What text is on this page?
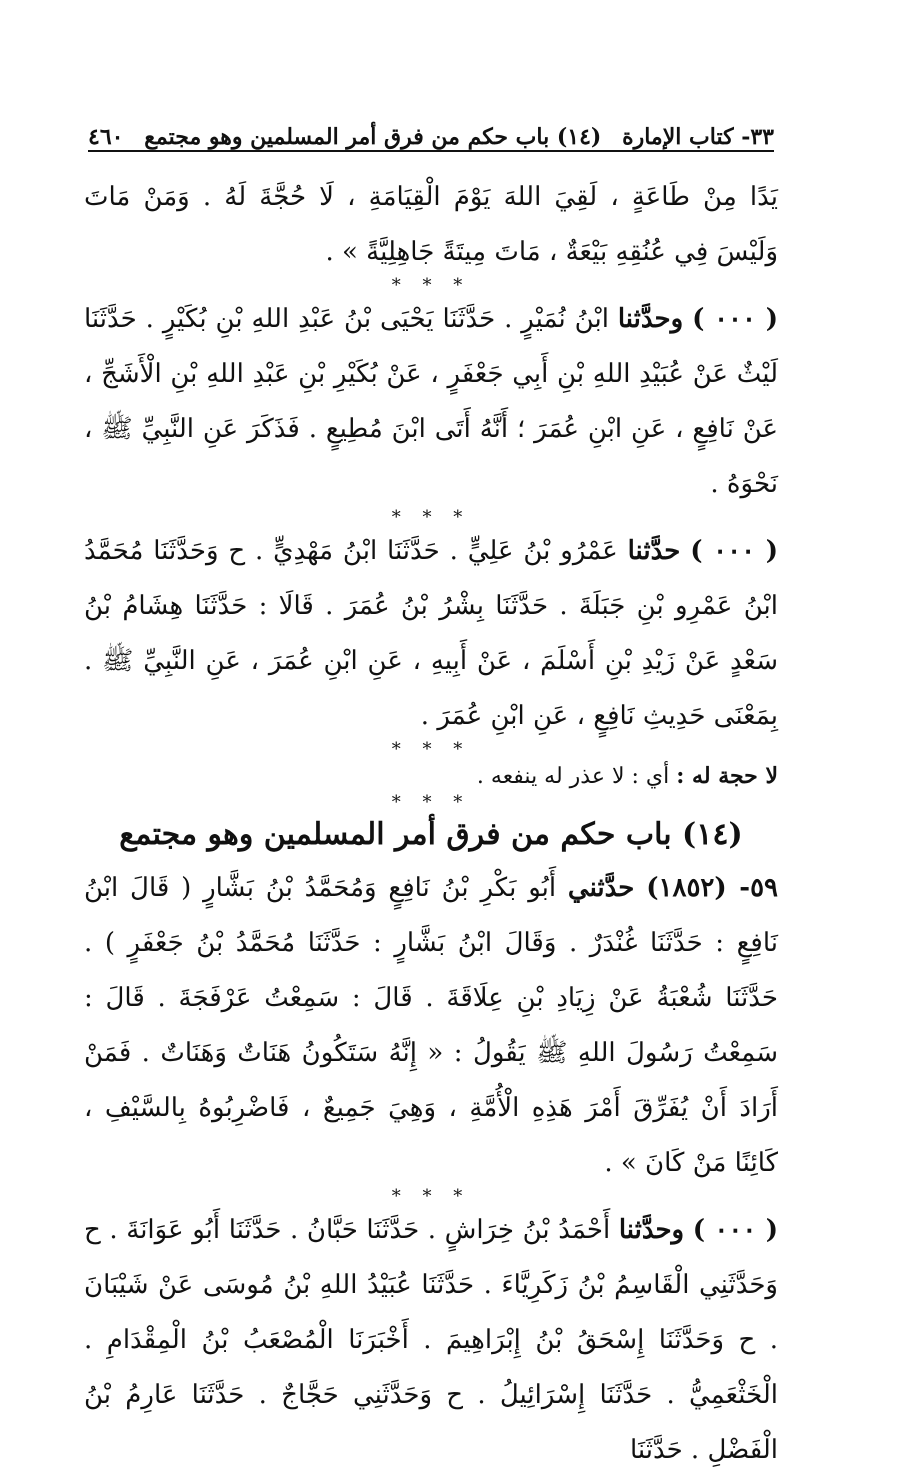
٣٣- كتاب الإمارة
(١٤) باب حكم من فرق أمر المسلمين وهو مجتمع
٤٦٠

يَدًا مِنْ طَاعَةٍ ، لَقِيَ اللهَ يَوْمَ الْقِيَامَةِ ، لَا حُجَّةَ لَهُ . وَمَنْ مَاتَ وَلَيْسَ فِي عُنُقِهِ بَيْعَةٌ ، مَاتَ مِيتَةً جَاهِلِيَّةً » .

* * *

( ٠٠٠ ) وحدَّثنا ابْنُ نُمَيْرٍ . حَدَّثَنَا يَحْيَى بْنُ عَبْدِ اللهِ بْنِ بُكَيْرٍ . حَدَّثَنَا لَيْثٌ عَنْ عُبَيْدِ اللهِ بْنِ أَبِي جَعْفَرٍ ، عَنْ بُكَيْرِ بْنِ عَبْدِ اللهِ بْنِ الْأَشَجِّ ، عَنْ نَافِعٍ ، عَنِ ابْنِ عُمَرَ ؛ أَنَّهُ أَتَى ابْنَ مُطِيعٍ . فَذَكَرَ عَنِ النَّبِيِّ ﷺ ، نَحْوَهُ .

* * *

( ٠٠٠ ) حدَّثنا عَمْرُو بْنُ عَلِيٍّ . حَدَّثَنَا ابْنُ مَهْدِيٍّ . ح وَحَدَّثَنَا مُحَمَّدُ ابْنُ عَمْرِو بْنِ جَبَلَةَ . حَدَّثَنَا بِشْرُ بْنُ عُمَرَ . قَالَا : حَدَّثَنَا هِشَامُ بْنُ سَعْدٍ عَنْ زَيْدِ بْنِ أَسْلَمَ ، عَنْ أَبِيهِ ، عَنِ ابْنِ عُمَرَ ، عَنِ النَّبِيِّ ﷺ . بِمَعْنَى حَدِيثِ نَافِعٍ ، عَنِ ابْنِ عُمَرَ .

* * *

لا حجة له : أي : لا عذر له ينفعه .

* * *
(١٤) باب حكم من فرق أمر المسلمين وهو مجتمع

٥٩- (١٨٥٢) حدَّثني أَبُو بَكْرِ بْنُ نَافِعٍ وَمُحَمَّدُ بْنُ بَشَّارٍ ( قَالَ ابْنُ نَافِعٍ : حَدَّثَنَا غُنْدَرٌ . وَقَالَ ابْنُ بَشَّارٍ : حَدَّثَنَا مُحَمَّدُ بْنُ جَعْفَرٍ ) . حَدَّثَنَا شُعْبَةُ عَنْ زِيَادِ بْنِ عِلَاقَةَ . قَالَ : سَمِعْتُ عَرْفَجَةَ . قَالَ : سَمِعْتُ رَسُولَ اللهِ ﷺ يَقُولُ : « إِنَّهُ سَتَكُونُ هَنَاتٌ وَهَنَاتٌ . فَمَنْ أَرَادَ أَنْ يُفَرِّقَ أَمْرَ هَذِهِ الْأُمَّةِ ، وَهِيَ جَمِيعٌ ، فَاضْرِبُوهُ بِالسَّيْفِ ، كَائِنًا مَنْ كَانَ » .

* * *

( ٠٠٠ ) وحدَّثنا أَحْمَدُ بْنُ خِرَاشٍ . حَدَّثَنَا حَبَّانُ . حَدَّثَنَا أَبُو عَوَانَةَ . ح وَحَدَّثَنِي الْقَاسِمُ بْنُ زَكَرِيَّاءَ . حَدَّثَنَا عُبَيْدُ اللهِ بْنُ مُوسَى عَنْ شَيْبَانَ . ح وَحَدَّثَنَا إِسْحَقُ بْنُ إِبْرَاهِيمَ . أَخْبَرَنَا الْمُصْعَبُ بْنُ الْمِقْدَامِ . الْخَثْعَمِيُّ . حَدَّثَنَا إِسْرَائِيلُ . ح وَحَدَّثَنِي حَجَّاجٌ . حَدَّثَنَا عَارِمُ بْنُ الْفَضْلِ . حَدَّثَنَا
